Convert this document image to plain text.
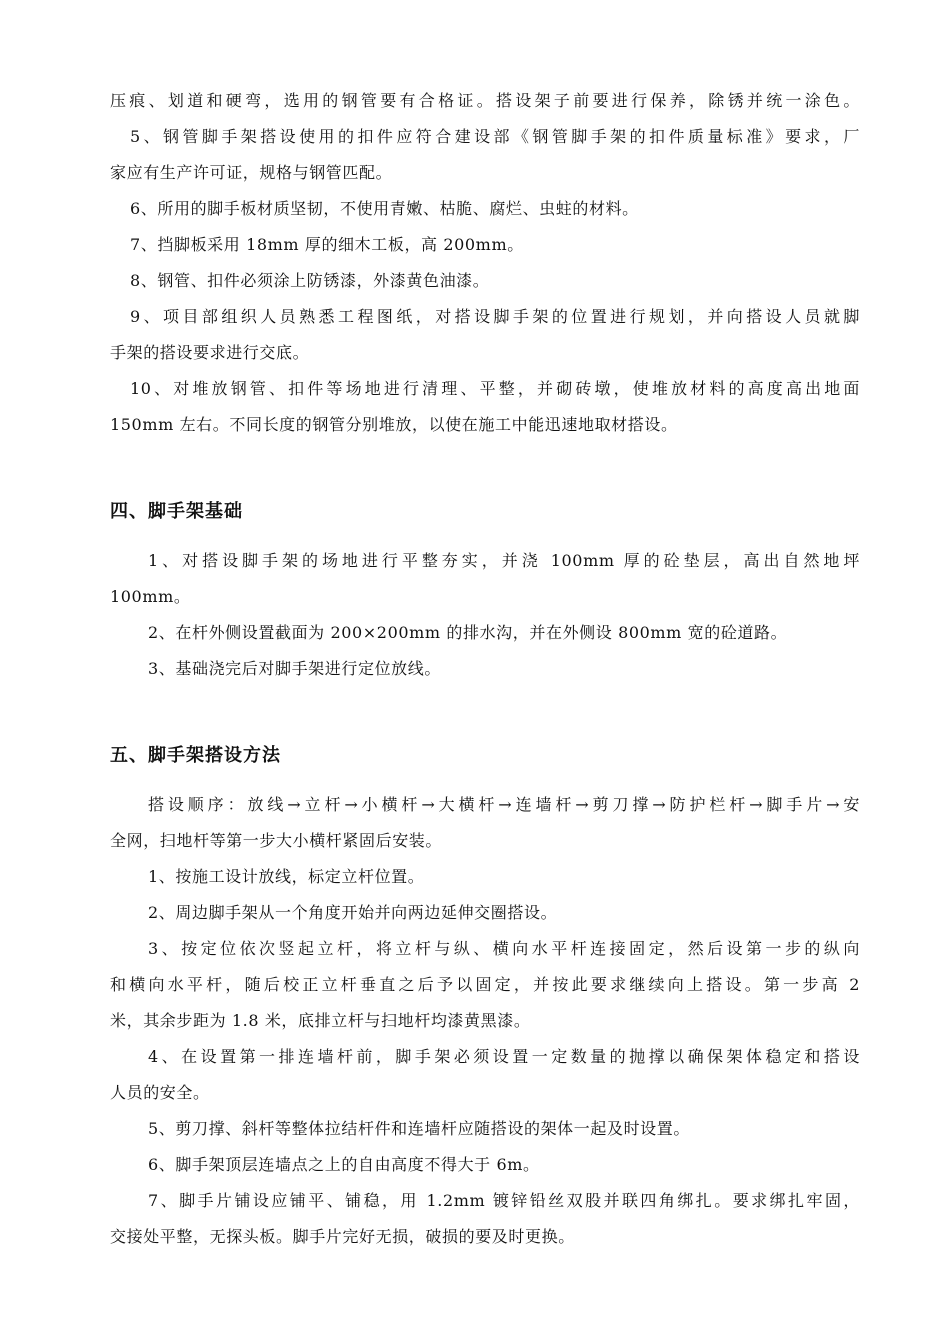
压痕、划道和硬弯，选用的钢管要有合格证。搭设架子前要进行保养，除锈并统一涂色。
5、钢管脚手架搭设使用的扣件应符合建设部《钢管脚手架的扣件质量标准》要求，厂
家应有生产许可证，规格与钢管匹配。
6、所用的脚手板材质坚韧，不使用青嫩、枯脆、腐烂、虫蛀的材料。
7、挡脚板采用 18mm 厚的细木工板，高 200mm。
8、钢管、扣件必须涂上防锈漆，外漆黄色油漆。
9、项目部组织人员熟悉工程图纸，对搭设脚手架的位置进行规划，并向搭设人员就脚
手架的搭设要求进行交底。
10、对堆放钢管、扣件等场地进行清理、平整，并砌砖墩，使堆放材料的高度高出地面
150mm 左右。不同长度的钢管分别堆放，以使在施工中能迅速地取材搭设。
四、脚手架基础
1、对搭设脚手架的场地进行平整夯实，并浇 100mm 厚的砼垫层，高出自然地坪
100mm。
2、在杆外侧设置截面为 200×200mm 的排水沟，并在外侧设 800mm 宽的砼道路。
3、基础浇完后对脚手架进行定位放线。
五、脚手架搭设方法
搭设顺序：放线→立杆→小横杆→大横杆→连墙杆→剪刀撑→防护栏杆→脚手片→安
全网，扫地杆等第一步大小横杆紧固后安装。
1、按施工设计放线，标定立杆位置。
2、周边脚手架从一个角度开始并向两边延伸交圈搭设。
3、按定位依次竖起立杆，将立杆与纵、横向水平杆连接固定，然后设第一步的纵向
和横向水平杆，随后校正立杆垂直之后予以固定，并按此要求继续向上搭设。第一步高 2
米，其余步距为 1.8 米，底排立杆与扫地杆均漆黄黑漆。
4、在设置第一排连墙杆前，脚手架必须设置一定数量的抛撑以确保架体稳定和搭设
人员的安全。
5、剪刀撑、斜杆等整体拉结杆件和连墙杆应随搭设的架体一起及时设置。
6、脚手架顶层连墙点之上的自由高度不得大于 6m。
7、脚手片铺设应铺平、铺稳，用 1.2mm 镀锌铅丝双股并联四角绑扎。要求绑扎牢固，
交接处平整，无探头板。脚手片完好无损，破损的要及时更换。
